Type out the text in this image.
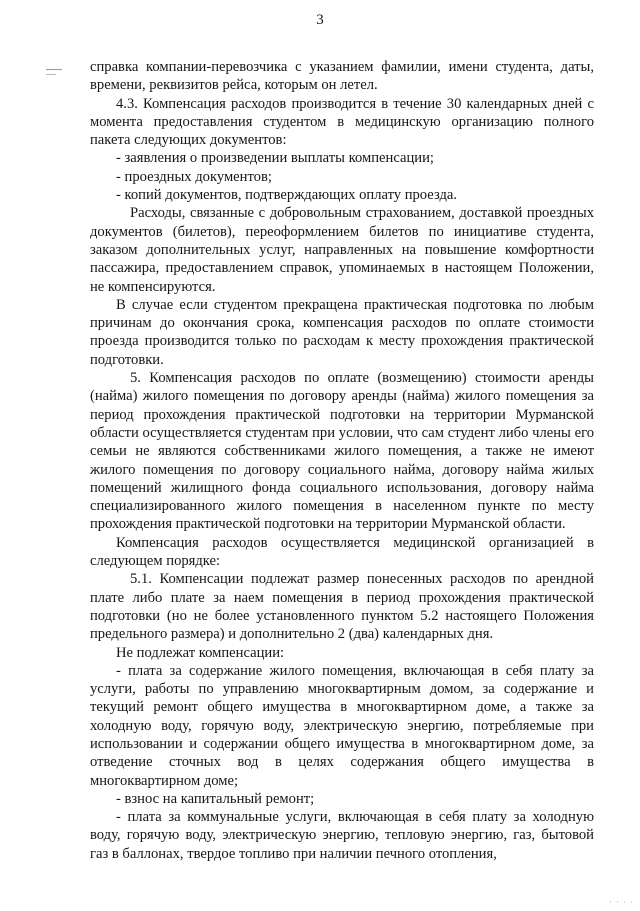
3

справка компании-перевозчика с указанием фамилии, имени студента, даты, времени, реквизитов рейса, которым он летел.

4.3. Компенсация расходов производится в течение 30 календарных дней с момента предоставления студентом в медицинскую организацию полного пакета следующих документов:

- заявления о произведении выплаты компенсации;

- проездных документов;

- копий документов, подтверждающих оплату проезда.

Расходы, связанные с добровольным страхованием, доставкой проездных документов (билетов), переоформлением билетов по инициативе студента, заказом дополнительных услуг, направленных на повышение комфортности пассажира, предоставлением справок, упоминаемых в настоящем Положении, не компенсируются.

В случае если студентом прекращена практическая подготовка по любым причинам до окончания срока, компенсация расходов по оплате стоимости проезда производится только по расходам к месту прохождения практической подготовки.

5. Компенсация расходов по оплате (возмещению) стоимости аренды (найма) жилого помещения по договору аренды (найма) жилого помещения за период прохождения практической подготовки на территории Мурманской области осуществляется студентам при условии, что сам студент либо члены его семьи не являются собственниками жилого помещения, а также не имеют жилого помещения по договору социального найма, договору найма жилых помещений жилищного фонда социального использования, договору найма специализированного жилого помещения в населенном пункте по месту прохождения практической подготовки на территории Мурманской области.

Компенсация расходов осуществляется медицинской организацией в следующем порядке:

5.1. Компенсации подлежат размер понесенных расходов по арендной плате либо плате за наем помещения в период прохождения практической подготовки (но не более установленного пунктом 5.2 настоящего Положения предельного размера) и дополнительно 2 (два) календарных дня.

Не подлежат компенсации:

- плата за содержание жилого помещения, включающая в себя плату за услуги, работы по управлению многоквартирным домом, за содержание и текущий ремонт общего имущества в многоквартирном доме, а также за холодную воду, горячую воду, электрическую энергию, потребляемые при использовании и содержании общего имущества в многоквартирном доме, за отведение сточных вод в целях содержания общего имущества в многоквартирном доме;

- взнос на капитальный ремонт;

- плата за коммунальные услуги, включающая в себя плату за холодную воду, горячую воду, электрическую энергию, тепловую энергию, газ, бытовой газ в баллонах, твердое топливо при наличии печного отопления,

· · · ·
